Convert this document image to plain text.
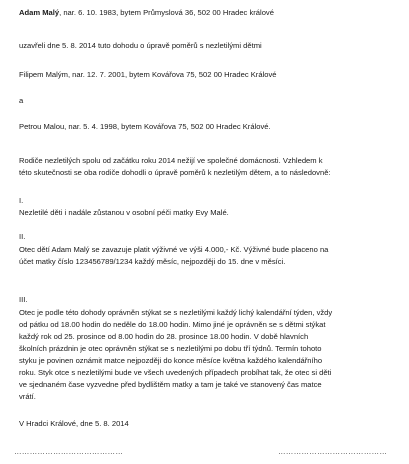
Adam Malý, nar. 6. 10. 1983, bytem Průmyslová 36, 502 00 Hradec králové
uzavřeli dne 5. 8. 2014 tuto dohodu o úpravě poměrů s nezletilými dětmi
Filipem Malým, nar. 12. 7. 2001, bytem Kovářova 75, 502 00 Hradec Králové
a
Petrou Malou, nar. 5. 4. 1998, bytem Kovářova 75, 502 00 Hradec Králové.
Rodiče nezletilých spolu od začátku roku 2014 nežijí ve společné domácnosti. Vzhledem k
této skutečnosti se oba rodiče dohodli o úpravě poměrů k nezletilým dětem, a to následovně:
I.
Nezletilé děti i nadále zůstanou v osobní péči matky Evy Malé.
II.
Otec dětí Adam Malý se zavazuje platit výživné ve výši 4.000,- Kč. Výživné bude placeno na
účet matky číslo 123456789/1234 každý měsíc, nejpozději do 15. dne v měsíci.
III.
Otec je podle této dohody oprávněn stýkat se s nezletilými každý lichý kalendářní týden, vždy
od pátku od 18.00 hodin do neděle do 18.00 hodin. Mimo jiné je oprávněn se s dětmi stýkat
každý rok od 25. prosince od 8.00 hodin do 28. prosince 18.00 hodin. V době hlavních
školních prázdnin je otec oprávněn stýkat se s nezletilými po dobu tří týdnů. Termín tohoto
styku je povinen oznámit matce nejpozději do konce měsíce května každého kalendářního
roku. Styk otce s nezletilými bude ve všech uvedených případech probíhat tak, že otec si děti
ve sjednaném čase vyzvedne před bydlištěm matky a tam je také ve stanovený čas matce
vrátí.
V Hradci Králové, dne 5. 8. 2014
……………………………………	……………………………………
